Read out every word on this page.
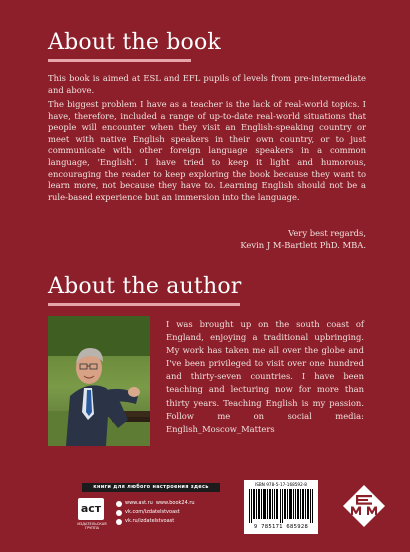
About the book
This book is aimed at ESL and EFL pupils of levels from pre-intermediate and above.
The biggest problem I have as a teacher is the lack of real-world topics. I have, therefore, included a range of up-to-date real-world situations that people will encounter when they visit an English-speaking country or meet with native English speakers in their own country, or to just communicate with other foreign language speakers in a common language, 'English'. I have tried to keep it light and humorous, encouraging the reader to keep exploring the book because they want to learn more, not because they have to. Learning English should not be a rule-based experience but an immersion into the language.
Very best regards,
Kevin J M-Bartlett PhD. MBA.
About the author
I was brought up on the south coast of England, enjoying a traditional upbringing. My work has taken me all over the globe and I've been privileged to visit over one hundred and thirty-seven countries. I have been teaching and lecturing now for more than thirty years. Teaching English is my passion. Follow me on social media: English_Moscow_Matters
книги для любого настроения здесь
аст
ИЗДАТЕЛЬСКАЯ ГРУППА
www.ast.ru www.book24.ru
vk.com/izdatelstvoast
vk.ru/izdatelstvoast
ISBN 978-5-17-168592-8
9 785171 685928
